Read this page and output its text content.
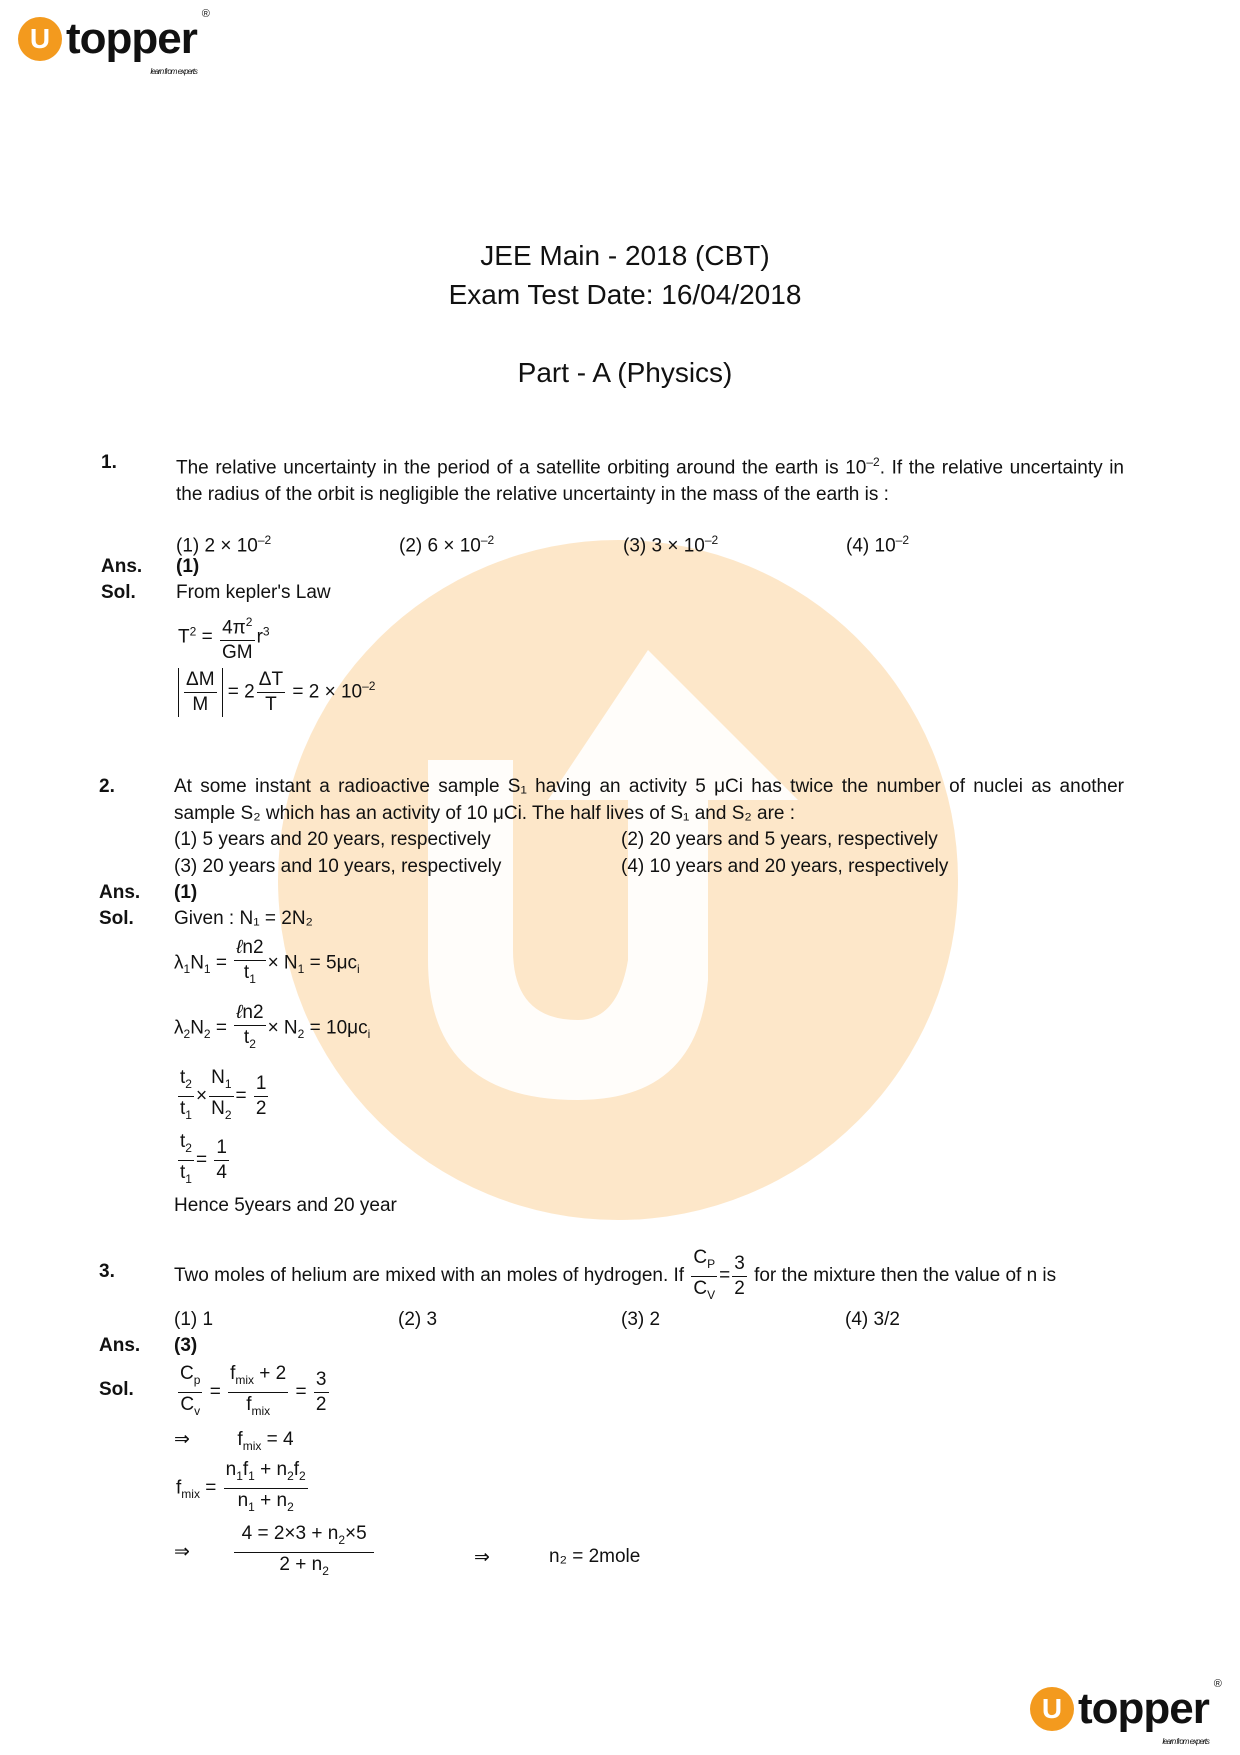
U topper ®
learn from experts
JEE Main - 2018 (CBT)
Exam Test Date: 16/04/2018
Part - A (Physics)
1.	The relative uncertainty in the period of a satellite orbiting around the earth is $10^{-2}$. If the relative uncertainty in the radius of the orbit is negligible the relative uncertainty in the mass of the earth is :
(1) $2 \times 10^{-2}$	(2) $6 \times 10^{-2}$	(3) $3 \times 10^{-2}$	(4) $10^{-2}$
Ans. (1)
Sol. From kepler's Law
$T^2 = \frac{4\pi^2}{GM} r^3$
$\frac{\Delta M}{M} = 2 \frac{\Delta T}{T} = 2 \times 10^{-2}$
2.	At some instant a radioactive sample S₁ having an activity 5 μCi has twice the number of nuclei as another sample S₂ which has an activity of 10 μCi. The half lives of S₁ and S₂ are :
(1) 5 years and 20 years, respectively	(2) 20 years and 5 years, respectively
(3) 20 years and 10 years, respectively	(4) 10 years and 20 years, respectively
Ans. (1)
Sol. Given : N₁ = 2N₂
$\lambda_1N_1 = \frac{\text{ℓn2}}{t_1} \times N_1 = 5\mu c_i$
$\lambda_2N_2 = \frac{\text{ℓn2}}{t_2} \times N_2 = 10\mu c_i$
$\frac{t_2}{t_1} \times \frac{N_1}{N_2} = \frac{1}{2}$
$\frac{t_2}{t_1} = \frac{1}{4}$
Hence 5years and 20 year
3.	Two moles of helium are mixed with an moles of hydrogen. If
$\frac{C_P}{C_V} = \frac{3}{2}$
for the mixture then the value of n is
(1) 1	(2) 3	(3) 2	(4) 3/2
Ans. (3)
Sol. $\frac{C_p}{C_v} = \frac{f_{mix} + 2}{f_{mix}} = \frac{3}{2}$
⇒         $f_{mix} = 4$
$f_{mix} = \frac{n_1f_1 + n_2f_2}{n_1 + n_2}$
⇒ $\frac{4 = 2\times 3 + n_2\times 5}{2 + n_2}$	⇒	n₂ = 2mole
U topper ®
learn from experts
